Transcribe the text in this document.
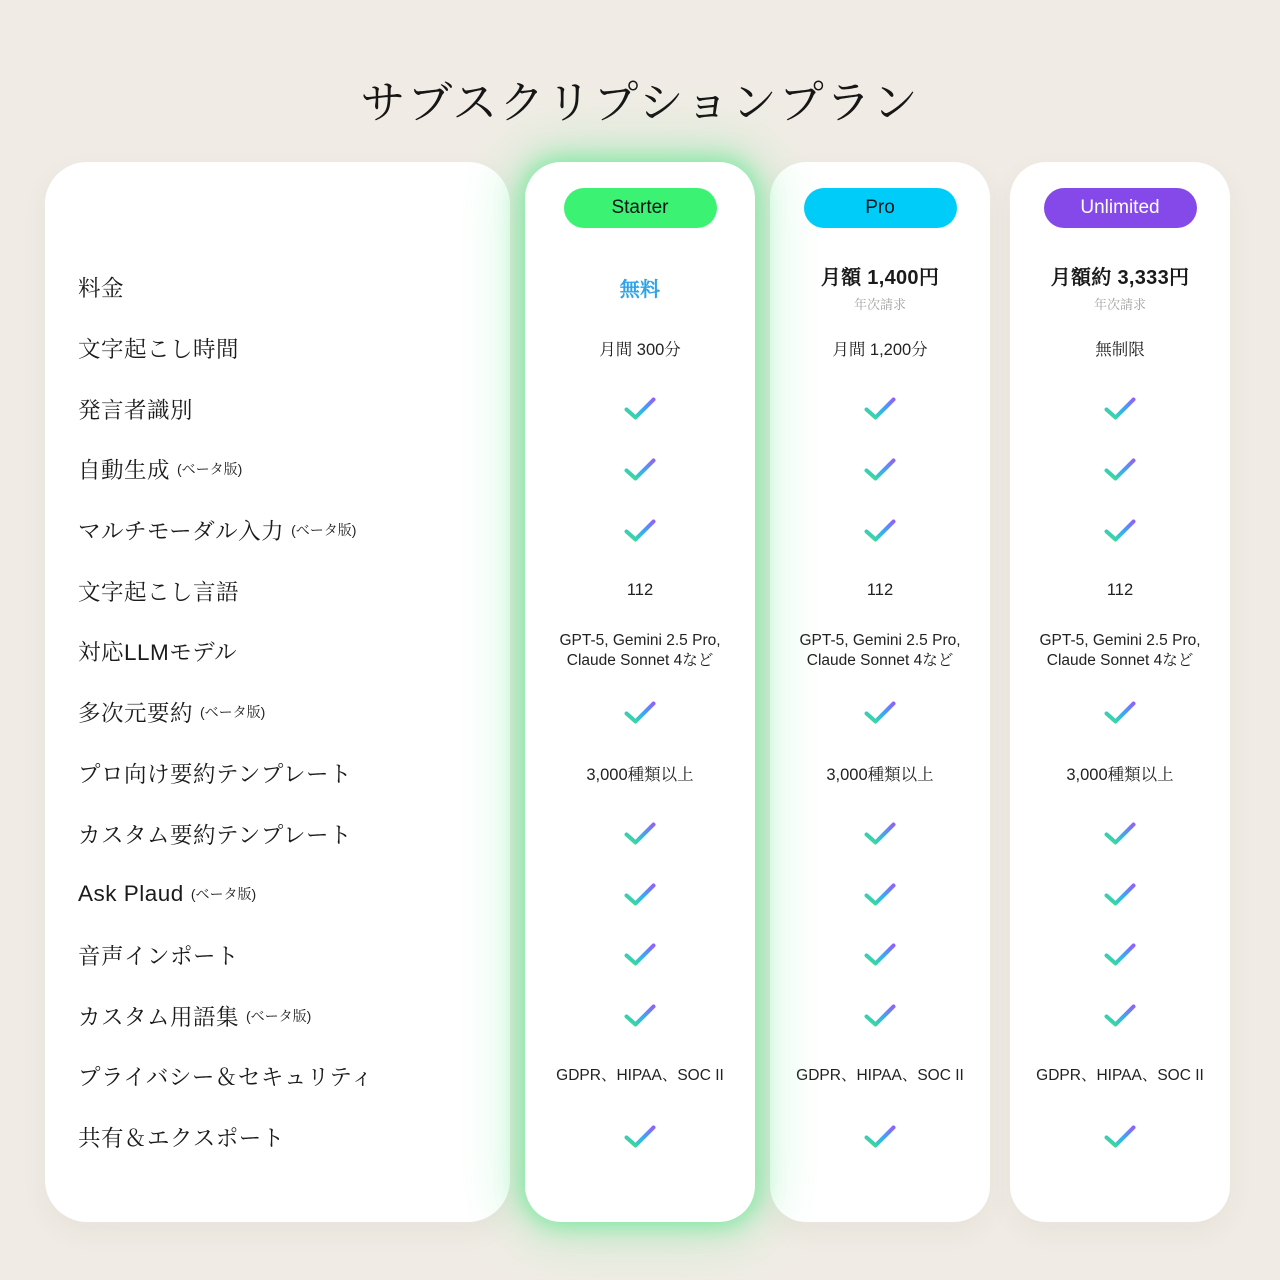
サブスクリプションプラン
料金
文字起こし時間
発言者識別
自動生成 (ベータ版)
マルチモーダル入力 (ベータ版)
文字起こし言語
対応LLMモデル
多次元要約 (ベータ版)
プロ向け要約テンプレート
カスタム要約テンプレート
Ask Plaud (ベータ版)
音声インポート
カスタム用語集 (ベータ版)
プライバシー＆セキュリティ
共有＆エクスポート
Starter
無料
月間 300分
112
GPT-5, Gemini 2.5 Pro, Claude Sonnet 4など
3,000種類以上
GDPR、HIPAA、SOC II
Pro
月額 1,400円
年次請求
月間 1,200分
112
GPT-5, Gemini 2.5 Pro, Claude Sonnet 4など
3,000種類以上
GDPR、HIPAA、SOC II
Unlimited
月額約 3,333円
年次請求
無制限
112
GPT-5, Gemini 2.5 Pro, Claude Sonnet 4など
3,000種類以上
GDPR、HIPAA、SOC II
